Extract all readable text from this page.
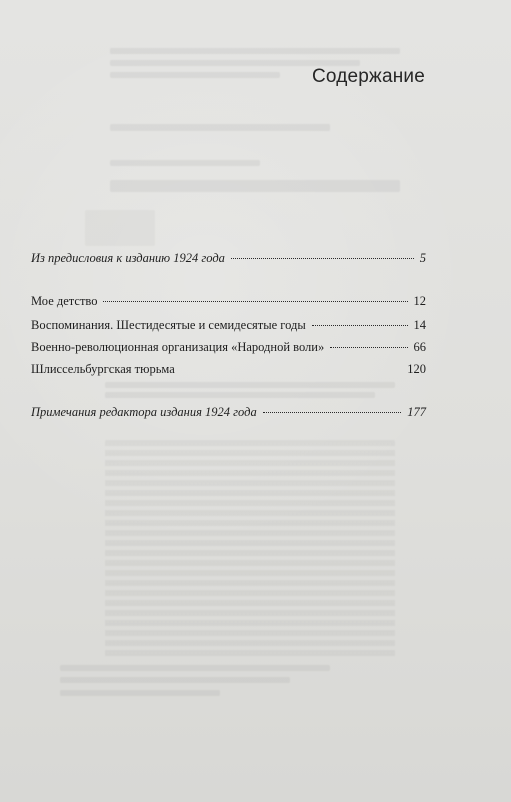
Содержание
Из предисловия к изданию 1924 года	5
Мое детство	12
Воспоминания. Шестидесятые и семидесятые годы	14
Военно-революционная организация «Народной воли»	66
Шлиссельбургская тюрьма	120
Примечания редактора издания 1924 года	177
